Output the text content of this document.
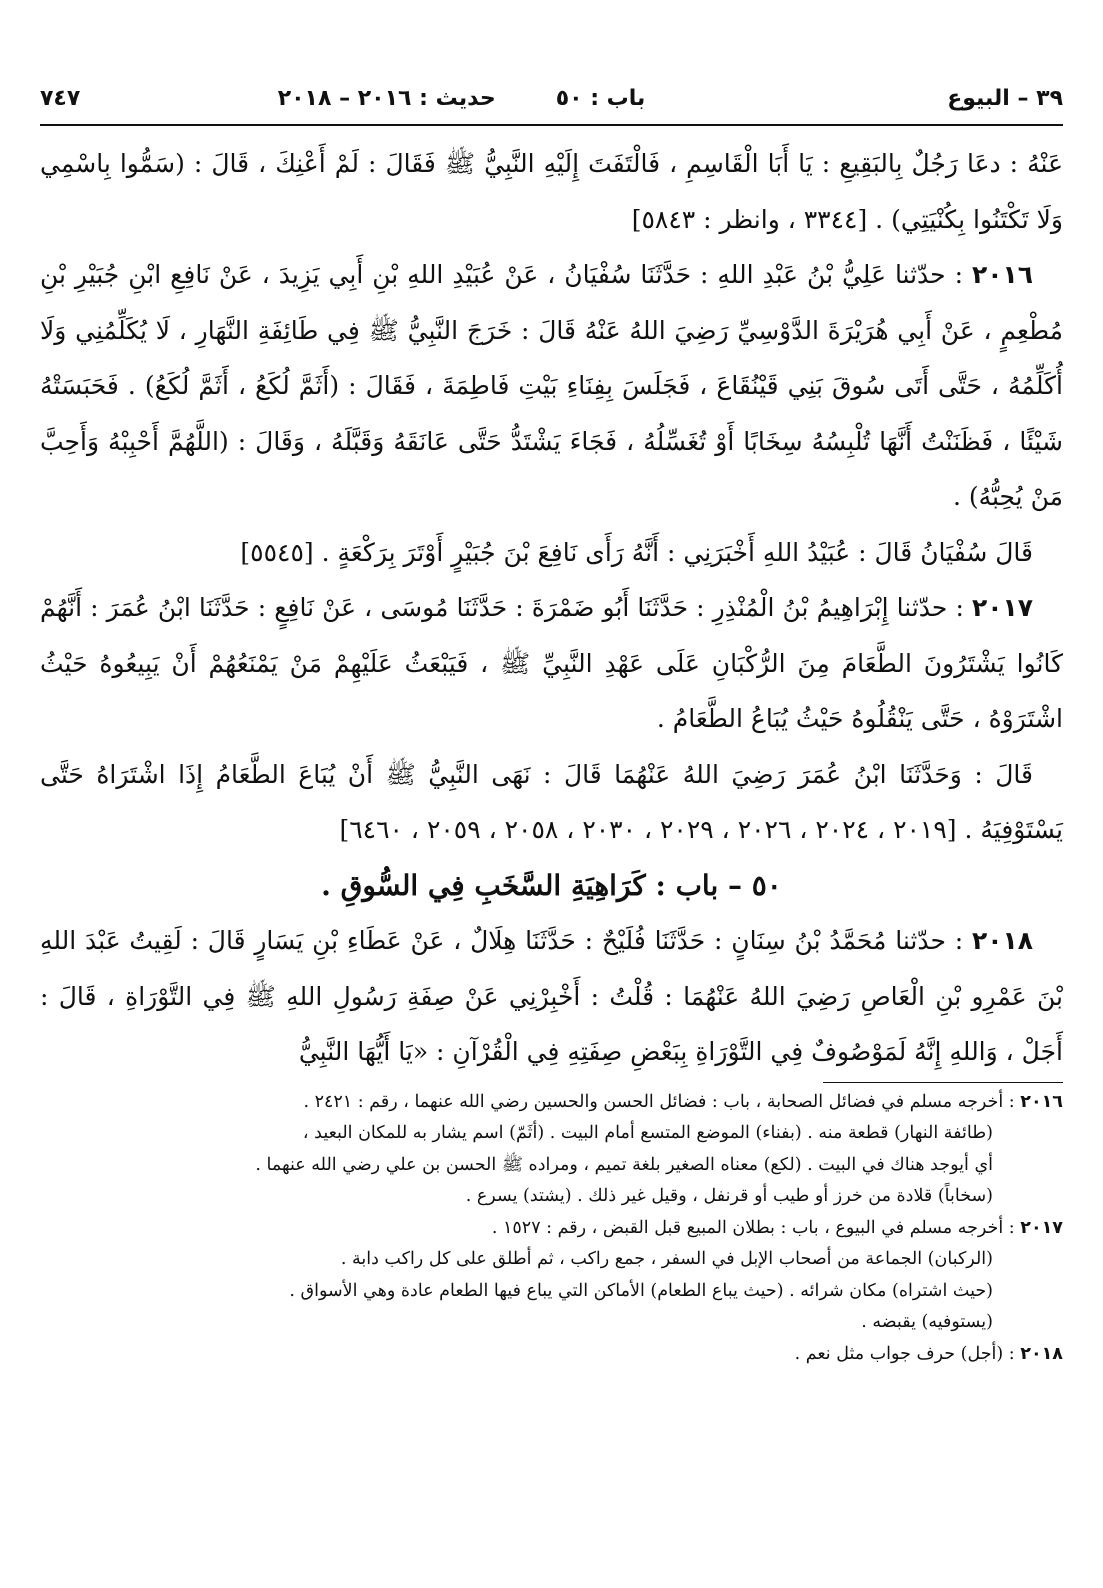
٣٩ – البيوع
باب : ٥٠
حديث : ٢٠١٦ – ٢٠١٨
٧٤٧

عَنْهُ : دعَا رَجُلٌ بِالبَقِيعِ : يَا أَبَا الْقَاسِمِ ، فَالْتَفَتَ إِلَيْهِ النَّبِيُّ ﷺ فَقَالَ : لَمْ أَعْنِكَ ، قَالَ : (سَمُّوا بِاسْمِي وَلَا تَكْتَنُوا بِكُنْيَتِي) . [٣٣٤٤ ، وانظر : ٥٨٤٣]

٢٠١٦ : حدّثنا عَلِيُّ بْنُ عَبْدِ اللهِ : حَدَّثَنَا سُفْيَانُ ، عَنْ عُبَيْدِ اللهِ بْنِ أَبِي يَزِيدَ ، عَنْ نَافِعِ ابْنِ جُبَيْرِ بْنِ مُطْعِمٍ ، عَنْ أَبِي هُرَيْرَةَ الدَّوْسِيِّ رَضِيَ اللهُ عَنْهُ قَالَ : خَرَجَ النَّبِيُّ ﷺ فِي طَائِفَةِ النَّهَارِ ، لَا يُكَلِّمُنِي وَلَا أُكَلِّمُهُ ، حَتَّى أَتَى سُوقَ بَنِي قَيْنُقَاعَ ، فَجَلَسَ بِفِنَاءِ بَيْتِ فَاطِمَةَ ، فَقَالَ : (أَثَمَّ لُكَعُ ، أَثَمَّ لُكَعُ) . فَحَبَسَتْهُ شَيْئًا ، فَظَنَنْتُ أَنَّهَا تُلْبِسُهُ سِخَابًا أَوْ تُغَسِّلُهُ ، فَجَاءَ يَشْتَدُّ حَتَّى عَانَقَهُ وَقَبَّلَهُ ، وَقَالَ : (اللَّهُمَّ أَحْبِبْهُ وَأَحِبَّ مَنْ يُحِبُّهُ) .

قَالَ سُفْيَانُ قَالَ : عُبَيْدُ اللهِ أَخْبَرَنِي : أَنَّهُ رَأَى نَافِعَ بْنَ جُبَيْرٍ أَوْتَرَ بِرَكْعَةٍ . [٥٥٤٥]

٢٠١٧ : حدّثنا إِبْرَاهِيمُ بْنُ الْمُنْذِرِ : حَدَّثَنَا أَبُو ضَمْرَةَ : حَدَّثَنَا مُوسَى ، عَنْ نَافِعٍ : حَدَّثَنَا ابْنُ عُمَرَ : أَنَّهُمْ كَانُوا يَشْتَرُونَ الطَّعَامَ مِنَ الرُّكْبَانِ عَلَى عَهْدِ النَّبِيِّ ﷺ ، فَيَبْعَثُ عَلَيْهِمْ مَنْ يَمْنَعُهُمْ أَنْ يَبِيعُوهُ حَيْثُ اشْتَرَوْهُ ، حَتَّى يَنْقُلُوهُ حَيْثُ يُبَاعُ الطَّعَامُ .

قَالَ : وَحَدَّثَنَا ابْنُ عُمَرَ رَضِيَ اللهُ عَنْهُمَا قَالَ : نَهَى النَّبِيُّ ﷺ أَنْ يُبَاعَ الطَّعَامُ إِذَا اشْتَرَاهُ حَتَّى يَسْتَوْفِيَهُ . [٢٠١٩ ، ٢٠٢٤ ، ٢٠٢٦ ، ٢٠٢٩ ، ٢٠٣٠ ، ٢٠٥٨ ، ٢٠٥٩ ، ٦٤٦٠]

٥٠ – باب : كَرَاهِيَةِ السَّخَبِ فِي السُّوقِ .

٢٠١٨ : حدّثنا مُحَمَّدُ بْنُ سِنَانٍ : حَدَّثَنَا فُلَيْحٌ : حَدَّثَنَا هِلَالٌ ، عَنْ عَطَاءِ بْنِ يَسَارٍ قَالَ : لَقِيتُ عَبْدَ اللهِ بْنَ عَمْرِو بْنِ الْعَاصِ رَضِيَ اللهُ عَنْهُمَا : قُلْتُ : أَخْبِرْنِي عَنْ صِفَةِ رَسُولِ اللهِ ﷺ فِي التَّوْرَاةِ ، قَالَ : أَجَلْ ، وَاللهِ إِنَّهُ لَمَوْصُوفٌ فِي التَّوْرَاةِ بِبَعْضِ صِفَتِهِ فِي الْقُرْآنِ : «يَا أَيُّهَا النَّبِيُّ

٢٠١٦ : أخرجه مسلم في فضائل الصحابة ، باب : فضائل الحسن والحسين رضي الله عنهما ، رقم : ٢٤٢١ .

(طائفة النهار) قطعة منه . (بفناء) الموضع المتسع أمام البيت . (أثَمّ) اسم يشار به للمكان البعيد ،

أي أيوجد هناك في البيت . (لكع) معناه الصغير بلغة تميم ، ومراده ﷺ الحسن بن علي رضي الله عنهما .

(سخاباً) قلادة من خرز أو طيب أو قرنفل ، وقيل غير ذلك . (يشتد) يسرع .

٢٠١٧ : أخرجه مسلم في البيوع ، باب : بطلان المبيع قبل القبض ، رقم : ١٥٢٧ .

(الركبان) الجماعة من أصحاب الإبل في السفر ، جمع راكب ، ثم أطلق على كل راكب دابة .

(حيث اشتراه) مكان شرائه . (حيث يباع الطعام) الأماكن التي يباع فيها الطعام عادة وهي الأسواق .

(يستوفيه) يقبضه .

٢٠١٨ : (أجل) حرف جواب مثل نعم .
